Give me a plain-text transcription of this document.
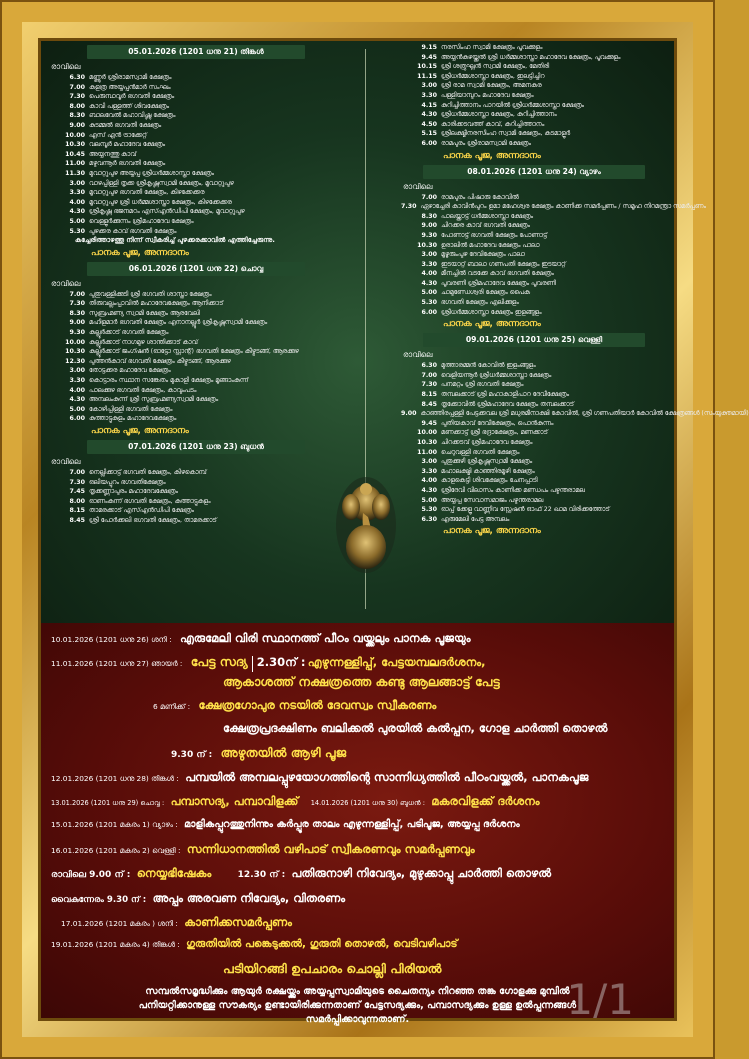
05.01.2026 (1201 ധനു 21) തിങ്കൾ
രാവിലെ
6.30 മണ്ണൂർ ശ്രീരാമസ്വാമി ക്ഷേത്രം
7.00 കളത്ര അയ്യപ്പൻമാർ സംഘം
7.30 പെരുമ്പാവൂർ ഭഗവതി ക്ഷേത്രം
8.00 കാവി പള്ളത്ത് ശിവക്ഷേത്രം
8.30 ബാലവേൽ മഹാവിഷ്ണു ക്ഷേത്രം
9.00 കുടമ്മൽ ഭഗവതി ക്ഷേത്രം
10.00 എസ് എൻ ട്രാക്കേറ്റ്
10.30 വലമ്പൂർ മഹാദേവ ക്ഷേത്രം
10.45 അയ്യനത്തു കാവ്
11.00 മഴുവന്നൂർ ഭഗവതി ക്ഷേത്രം
11.30 മുവാറ്റുപുഴ അയ്യപ്പ ശ്രീധർമ്മശാസ്താ ക്ഷേത്രം
3.00 വാഴപ്പിള്ളി തൃക്ക ശ്രീകൃഷ്ണസ്വാമി ക്ഷേത്രം, മൂവാറ്റുപുഴ
3.30 മൂവാറ്റുപുഴ ഭഗവതി ക്ഷേത്രം, കിഴക്കേക്കര
4.00 മൂവാറ്റുപുഴ ശ്രീ ധർമ്മശാസ്താ ക്ഷേത്രം, കിഴക്കേക്കര
4.30 ശ്രീകൃഷ്ണ ഭജനമഠം എസ്എൻഡിപി ക്ഷേത്രം, മൂവാറ്റുപുഴ
5.00 വെള്ളൂർക്കുന്നം ശ്രീമഹാദേവ ക്ഷേത്രം
5.30 പുഴക്കര കാവ് ഭഗവതി ക്ഷേത്രം
കച്ചേരിത്താഴത്തു നിന്ന് സ്വീകരിച്ച് പുഴക്കരക്കാവിൽ എത്തിച്ചേരുന്നു.
പാനക പൂജ, അന്നദാനം
06.01.2026 (1201 ധനു 22) ചൊവ്വ
രാവിലെ
7.00 പുതുവള്ളിക്കുടി ശ്രീ ഭഗവതി ശാസ്താ ക്ഷേത്രം
7.30 തിരുവല്ലംപ്പാവിൽ മഹാദേവക്ഷേത്രം ആനിക്കാട്
8.30 സുബ്രഹ്മണ്യ സ്വാമി ക്ഷേത്രം ആരവേലി
9.00 മഹിളമാർ ഭഗവതി ക്ഷേത്രം എനാനല്ലൂർ ശ്രീകൃഷ്ണസ്വാമി ക്ഷേത്രം
9.30 കല്ലൂർക്കാട് ഭഗവതി ക്ഷേത്രം
10.00 കല്ലൂർക്കാട് നാഗമുഴ ശാന്തിക്കാട് കാവ്
10.30 കല്ലൂർക്കാട് ജംഗ്ഷൻ (ഓട്ടോ സ്റ്റാന്റ്) ഭഗവതി ക്ഷേത്രം കീഴ്മടങ്ങ്, ആരക്കുഴ
12.30 പുത്തൻകാവ് ഭഗവതി ക്ഷേത്രം കീഴ്മടങ്ങ്, ആരക്കുഴ
3.00 തോട്ടക്കര മഹാദേവ ക്ഷേത്രം
3.30 കൊട്ടാരം സ്ഥാന സങ്കേതം മുകാളി ക്ഷേത്രം മൂങ്ങാംകുന്ന്
4.00 പാലക്കുഴ ഭഗവതി ക്ഷേത്രം, കാവുംപടം
4.30 അമ്പലംകുന്ന് ശ്രീ സുബ്രഹ്മണ്യസ്വാമി ക്ഷേത്രം
5.00 കോഴിപ്പിള്ളി ഭഗവതി ക്ഷേത്രം
6.00 കുത്താട്ടുകുളം മഹാദേവക്ഷേത്രം
പാനക പൂജ, അന്നദാനം
07.01.2026 (1201 ധനു 23) ബുധൻ
രാവിലെ
7.00 നെല്ലിക്കാട്ട് ഭഗവതി ക്ഷേത്രം, കിഴകൊമ്പ്
7.30 ഒലിയപ്പുറം ഭഗവതിക്ഷേത്രം
7.45 തൃക്കണ്ണാപുരം മഹാദേവക്ഷേത്രം
8.00 ഓണംകുന്ന് ഭഗവതി ക്ഷേത്രം, കുത്താട്ടുകുളം
8.15 താമരക്കാട് എസ്എൻഡിപി ക്ഷേത്രം
8.45 ശ്രീ പോർക്കലി ഭഗവതി ക്ഷേത്രം, താമരക്കാട്
9.15 നരസിംഹ സ്വാമി ക്ഷേത്രം പൂവക്കുളം
9.45 അയ്യൻകുഴയ്ക്കൽ ശ്രീ ധർമ്മശാസ്താ മഹാദേവ ക്ഷേത്രം, പൂവക്കുളം
10.15 ശ്രീ ശത്രുഘ്നൻ സ്വാമി ക്ഷേത്രം, മേതിരി
11.15 ശ്രീധർമ്മശാസ്താ ക്ഷേത്രം, ഇലട്ടിച്ചിറ
3.00 ശ്രീ രാമ സ്വാമി ക്ഷേത്രം, അമനകര
3.30 പള്ളിയാമ്പുറം മഹാദേവ ക്ഷേത്രം
4.15 കുറിച്ചിത്താനം പാറയിൽ ശ്രീധർമ്മശാസ്താ ക്ഷേത്രം
4.30 ശ്രീധർമ്മശാസ്താ ക്ഷേത്രം, കുറിച്ചിത്താനം
4.50 കാരിക്കടവത്ത് കാവ്, കുറിച്ചിത്താനം
5.15 ശ്രീലക്ഷ്മീനരസിംഹ സ്വാമി ക്ഷേത്രം, കുടമാളൂർ
6.00 രാമപുരം ശ്രീരാമസ്വാമി ക്ഷേത്രം
പാനക പൂജ, അന്നദാനം
08.01.2026 (1201 ധനു 24) വ്യാഴം
രാവിലെ
7.00 രാമപുരം പിഷാരു കോവിൽ
7.30 ഏഴാച്ചേരി കാവിൻപുറം ഉമാ മഹേശ്വര ക്ഷേത്രം കാണിക്ക സമർപ്പണം / സമൂഹ നിറമന്ത്രാ സമർപ്പണം
8.30 പാലയ്ക്കാട്ട് ധർമ്മശാസ്താ ക്ഷേത്രം
9.00 ചിറക്കര കാവ് ഭഗവതി ക്ഷേത്രം
9.30 പോണാട്ട് ഭഗവതി ക്ഷേത്രം പോണാട്ട്
10.30 ഉരാലിൽ മഹാദേവ ക്ഷേത്രം പാലാ
3.00 മൂഴൂരുംപുഴ ദേവിക്ഷേത്രം പാലാ
3.30 ഇടയാറ്റ് ബാലാ ഗണപതി ക്ഷേത്രം ഇടയാറ്റ്
4.00 മീനച്ചിൽ വടക്കേ കാവ് ഭഗവതി ക്ഷേത്രം
4.30 പൂവരണി ശ്രീമഹാദേവ ക്ഷേത്രം പൂവരണി
5.00 ചാമുണ്ഡേശ്വരി ക്ഷേത്രം പൈക
5.30 ഭഗവതി ക്ഷേത്രം എലിക്കുളം
6.00 ശ്രീധർമ്മശാസ്താ ക്ഷേത്രം ഇളങ്ങുളം
പാനക പൂജ, അന്നദാനം
09.01.2026 (1201 ധനു 25) വെള്ളി
രാവിലെ
6.30 മുത്താരമ്മൻ കോവിൽ ഇളംങ്ങുളം
7.00 വെളിയന്നൂർ ശ്രീധർമ്മശാസ്താ ക്ഷേത്രം
7.30 പനമറ്റം ശ്രീ ഭഗവതി ക്ഷേത്രം
8.15 തമ്പലക്കാട് ശ്രീ മഹാകാളിപാറ ദേവീക്ഷേത്രം
8.45 തൃക്കോവിൽ ശ്രീമഹാദേവ ക്ഷേത്രം തമ്പലക്കാട്
9.00 കാഞ്ഞിരപ്പള്ളി പേട്ടക്കവല ശ്രീ മധുരമീനാക്ഷി കോവിൽ, ശ്രീ ഗണപതിയാർ കോവിൽ ക്ഷേത്രങ്ങൾ (സംയുക്തമായി)
9.45 പുതിയകാവ് ദേവീക്ഷേത്രം, പൊൻകുന്നം
10.00 മണക്കാട്ട് ശ്രീ ഭദ്രാക്ഷേത്രം, മണക്കാട്
10.30 ചിറക്കടവ് ശ്രീമഹാദേവ ക്ഷേത്രം
11.00 ചെറുവള്ളി ഭഗവതി ക്ഷേത്രം
3.00 പുതുക്കുഴി ശ്രീകൃഷ്ണസ്വാമി ക്ഷേത്രം
3.30 മഹാലക്ഷ്മി കാഞ്ഞിരമൂഴി ക്ഷേത്രം
4.00 കാളകെട്ടി ശിവക്ഷേത്രം ചേനപ്പാടി
4.30 ശ്രീദേവി വിലാസം കാണിക്ക മണ്ഡപം പഴുന്തരാമല
5.00 അയ്യപ്പ സേവാസമാജം പഴുന്തരാമല
5.30 ഓപ്പ് ക്കേളൂ വാണ്ണിവ സ്റ്റേഷൻ ഓഫ് 22 ഖാമ വിരിക്കത്തോട്
6.30 എരുമേലി പേട്ട അമ്പലം
പാനക പൂജ, അന്നദാനം
10.01.2026 (1201 ധനു 26) ശനി : എരുമേലി വിരി സ്ഥാനത്ത് പീഠം വയ്ക്കലും പാനക പൂജയും
11.01.2026 (1201 ധനു 27) ഞായർ : പേട്ട സദ്യ 2.30ന് : എഴുന്നള്ളിപ്പ്, പേട്ടയമ്പലദർശനം,
ആകാശത്ത് നക്ഷത്രത്തെ കണ്ടു ആലങ്ങാട്ട് പേട്ട
6 മണിക്ക് : ക്ഷേത്രഗോപുര നടയിൽ ദേവസ്വം സ്വീകരണം
ക്ഷേത്രപ്രദക്ഷിണം ബലിക്കൽ പുരയിൽ കൽപ്പന, ഗോള ചാർത്തി തൊഴൽ
9.30 ന് : അഴുതയിൽ ആഴി പൂജ
12.01.2026 (1201 ധനു 28) തിങ്കൾ : പമ്പയിൽ അമ്പലപ്പുഴയോഗത്തിന്റെ സാന്നിധ്യത്തിൽ പീഠംവയ്ക്കൽ, പാനകപൂജ
13.01.2026 (1201 ധനു 29) ചൊവ്വ : പമ്പാസദ്യ, പമ്പാവിളക്ക് 14.01.2026 (1201 ധനു 30) ബുധൻ : മകരവിളക്ക് ദർശനം
15.01.2026 (1201 മകരം 1) വ്യാഴം : മാളികപ്പുറത്തുനിന്നും കർപ്പൂര താലം എഴുന്നള്ളിപ്പ്, പടിപൂജ, അയ്യപ്പ ദർശനം
16.01.2026 (1201 മകരം 2) വെള്ളി : സന്നിധാനത്തിൽ വഴിപാട് സ്വീകരണവും സമർപ്പണവും
രാവിലെ 9.00 ന് : നെയ്യഭിഷേകം	12.30 ന് : പതിരുനാഴി നിവേദ്യം, മുഴുക്കാപ്പു ചാർത്തി തൊഴൽ
വൈകുന്നേരം 9.30 ന് : അപ്പം അരവണ നിവേദ്യം, വിതരണം
17.01.2026 (1201 മകരം ) ശനി : കാണിക്കസമർപ്പണം
19.01.2026 (1201 മകരം 4) തിങ്കൾ : ഗുരുതിയിൽ പങ്കെടുക്കൽ, ഗുരുതി തൊഴൽ, വെടിവഴിപാട്
പടിയിറങ്ങി ഉപചാരം ചൊല്ലി പിരിയൽ
സമ്പൽസമൃദ്ധിക്കും ആയുർ രക്ഷയ്ക്കും അയ്യപ്പസ്വാമിയുടെ ചൈതന്യം നിറഞ്ഞ തങ്ക ഗോളക്കു മുമ്പിൽ
പനിയറ്റിക്കാനുള്ള സൗകര്യം ഉണ്ടായിരിക്കുന്നതാണ് പേട്ടസദ്യക്കും, പമ്പാസദ്യക്കും ഉള്ള ഉൽപ്പന്നങ്ങൾ
സമർപ്പിക്കാവുന്നതാണ്.	1/1
